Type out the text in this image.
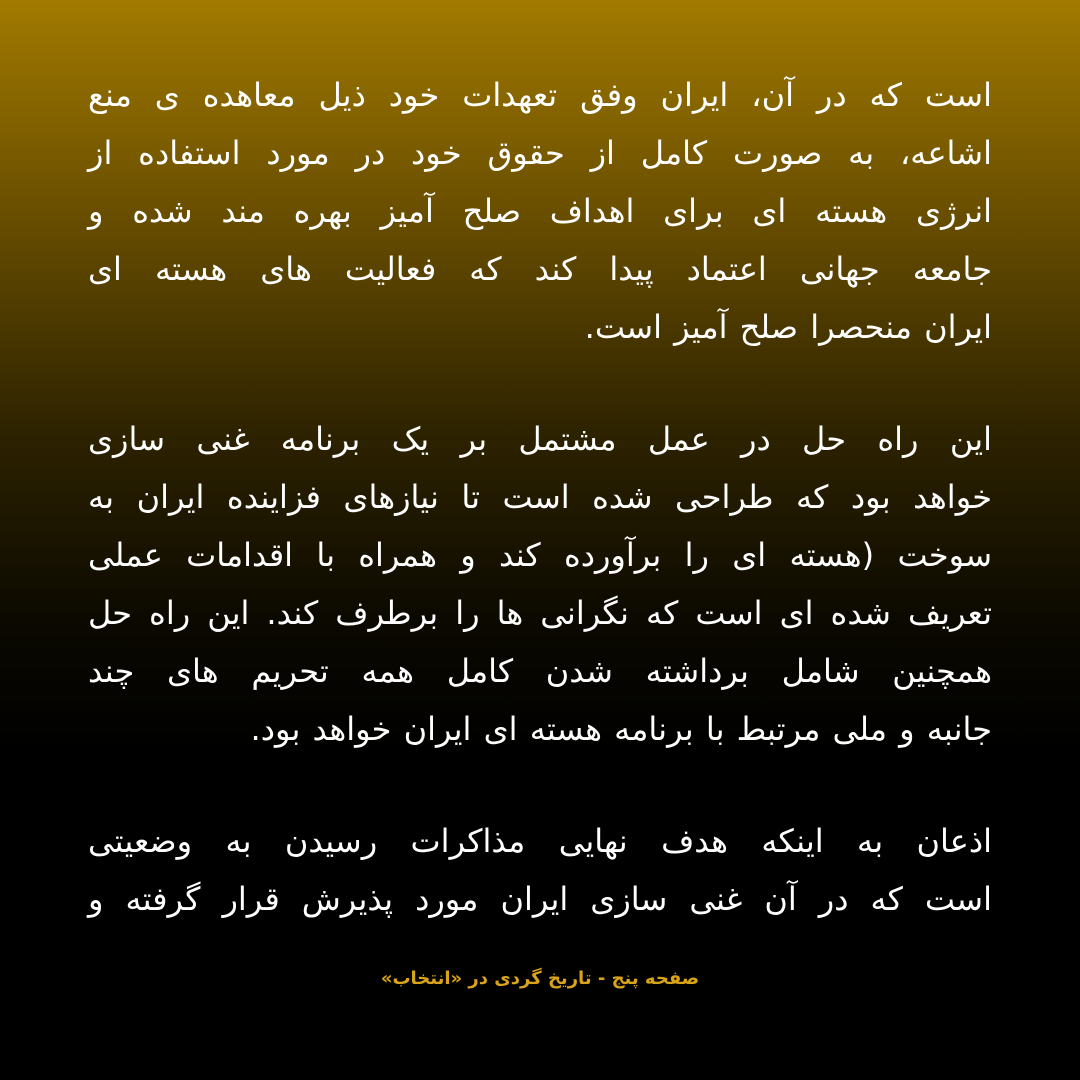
است که در آن، ایران وفق تعهدات خود ذیل معاهده ی منع
اشاعه، به صورت کامل از حقوق خود در مورد استفاده از
انرژی هسته ای برای اهداف صلح آمیز بهره مند شده و
جامعه جهانی اعتماد پیدا کند که فعالیت های هسته ای
ایران منحصرا صلح آمیز است.
این راه حل در عمل مشتمل بر یک برنامه غنی سازی
خواهد بود که طراحی شده است تا نیازهای فزاینده ایران به
سوخت (هسته ای را برآورده کند و همراه با اقدامات عملی
تعریف شده ای است که نگرانی ها را برطرف کند. این راه حل
همچنین شامل برداشته شدن کامل همه تحریم های چند
جانبه و ملی مرتبط با برنامه هسته ای ایران خواهد بود.
اذعان به اینکه هدف نهایی مذاکرات رسیدن به وضعیتی
است که در آن غنی سازی ایران مورد پذیرش قرار گرفته و
صفحه پنج - تاریخ گردی در «انتخاب»
